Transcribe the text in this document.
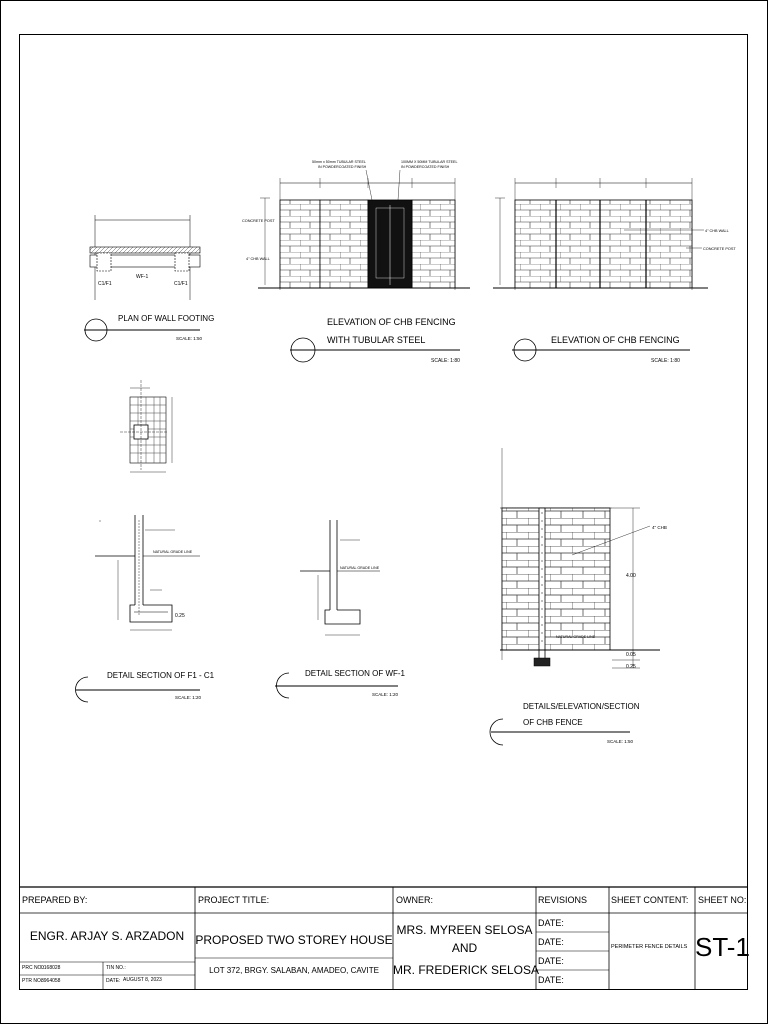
C1/F1
WF-1
C1/F1
PLAN OF WALL FOOTING
SCALE: 1:50
50mm x 50mm TUBULAR STEEL
IN POWDERCOATED FINISH
100MM X 50MM TUBULAR STEEL
IN POWDERCOATED FINISH
CONCRETE POST
4" CHB WALL
ELEVATION OF CHB FENCING
WITH TUBULAR STEEL
SCALE: 1:80
4" CHB WALL
CONCRETE POST
ELEVATION OF CHB FENCING
SCALE: 1:80
NATURAL GRADE LINE
0.25
DETAIL SECTION OF F1 - C1
SCALE: 1:20
NATURAL GRADE LINE
DETAIL SECTION OF WF-1
SCALE: 1:20
4" CHB
4.00
0.05
0.25
NATURAL GRADE LINE
DETAILS/ELEVATION/SECTION
OF CHB FENCE
SCALE: 1:50
PREPARED BY:
ENGR. ARJAY S. ARZADON
PRC NO.:
0168028
PTR NO.:
8964058
TIN NO.:
DATE: AUGUST 8, 2023
PROJECT TITLE:
PROPOSED TWO STOREY HOUSE
LOT 372, BRGY. SALABAN, AMADEO, CAVITE
OWNER:
MRS. MYREEN SELOSA
AND
MR. FREDERICK SELOSA
REVISIONS
DATE:
DATE:
DATE:
DATE:
SHEET CONTENT:
PERIMETER FENCE DETAILS
SHEET NO:
ST-1
